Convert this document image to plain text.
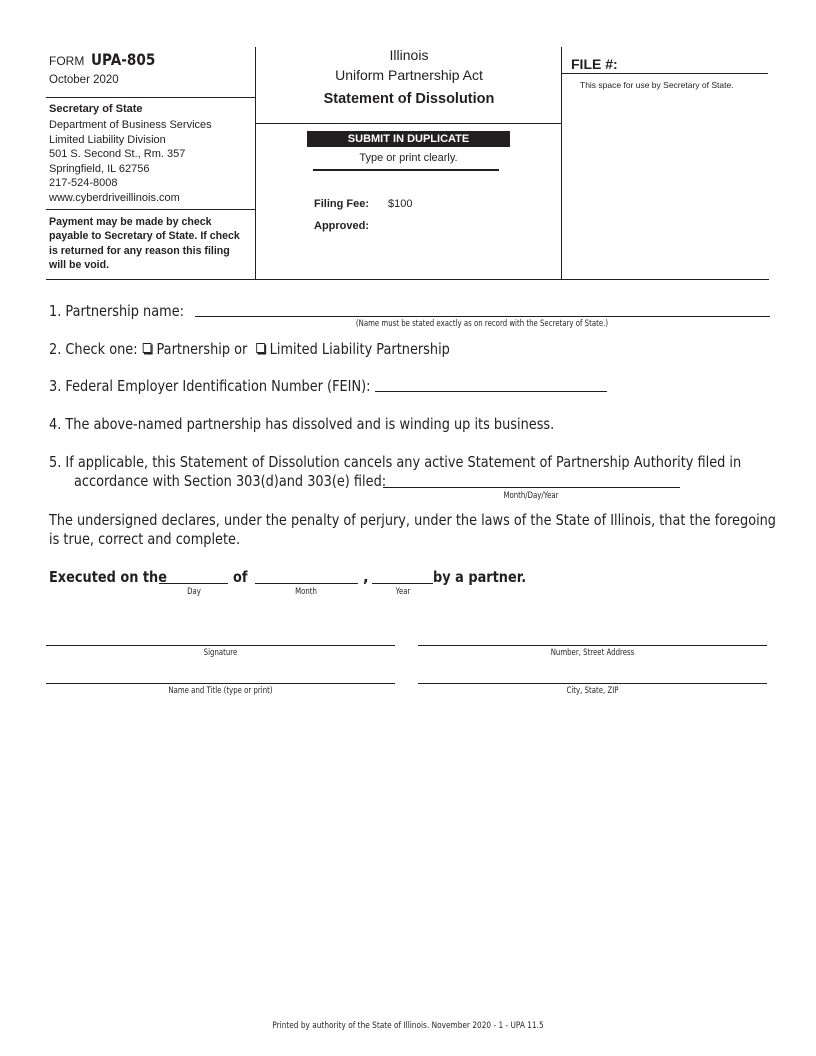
FORM UPA-805
October 2020
Secretary of State
Department of Business Services
Limited Liability Division
501 S. Second St., Rm. 357
Springfield, IL 62756
217-524-8008
www.cyberdriveillinois.com
Payment may be made by check payable to Secretary of State. If check is returned for any reason this filing will be void.
Illinois
Uniform Partnership Act
Statement of Dissolution
SUBMIT IN DUPLICATE
Type or print clearly.
Filing Fee: $100
Approved:
FILE #:
This space for use by Secretary of State.
1. Partnership name:
(Name must be stated exactly as on record with the Secretary of State.)
2. Check one: Partnership or Limited Liability Partnership
3. Federal Employer Identification Number (FEIN):
4. The above-named partnership has dissolved and is winding up its business.
5. If applicable, this Statement of Dissolution cancels any active Statement of Partnership Authority filed in
accordance with Section 303(d)and 303(e) filed:
Month/Day/Year
The undersigned declares, under the penalty of perjury, under the laws of the State of Illinois, that the foregoing
is true, correct and complete.
Executed on the	of	,	by a partner.
Day	Month	Year
Signature	Number, Street Address
Name and Title (type or print)	City, State, ZIP
Printed by authority of the State of Illinois. November 2020 - 1 - UPA 11.5
